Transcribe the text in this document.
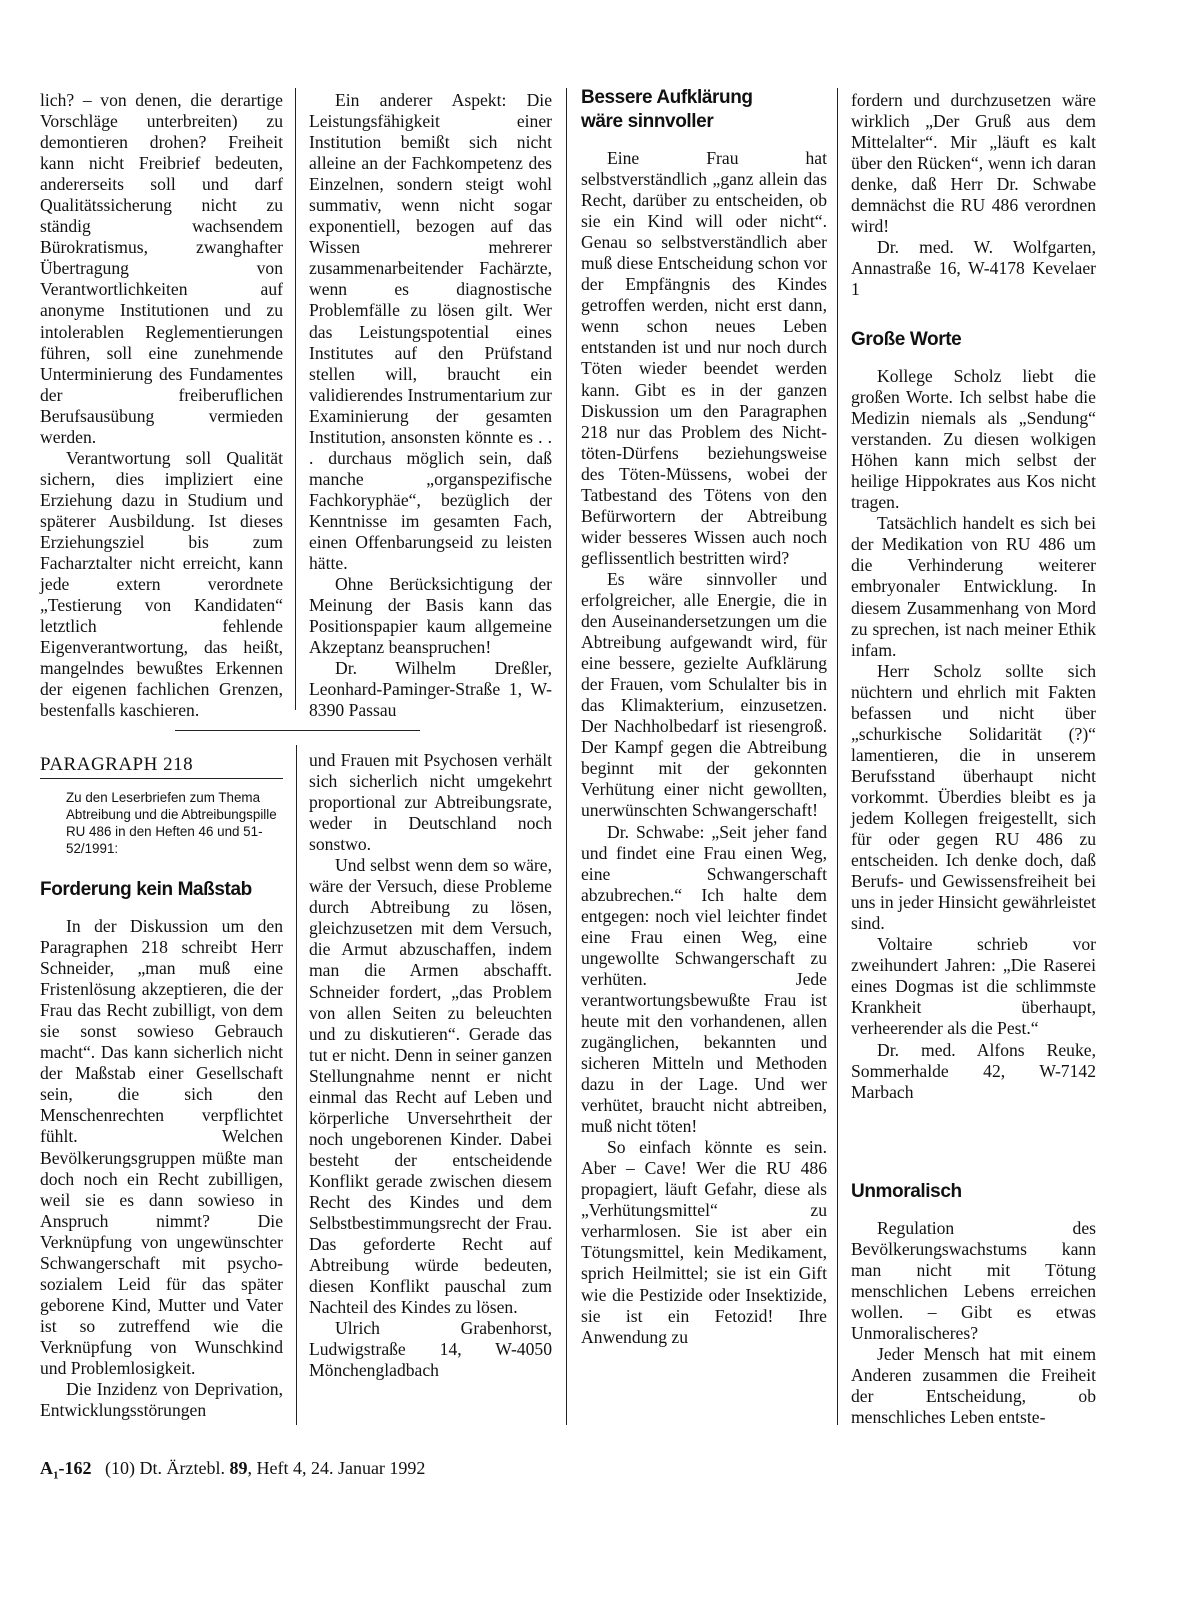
lich? – von denen, die derartige Vorschläge unterbreiten) zu demontieren drohen? Freiheit kann nicht Freibrief bedeuten, andererseits soll und darf Qualitätssicherung nicht zu ständig wachsendem Bürokratismus, zwanghafter Übertragung von Verantwortlichkeiten auf anonyme Institutionen und zu intolerablen Reglementierungen führen, soll eine zunehmende Unterminierung des Fundamentes der freiberuflichen Berufsausübung vermieden werden.

Verantwortung soll Qualität sichern, dies impliziert eine Erziehung dazu in Studium und späterer Ausbildung. Ist dieses Erziehungsziel bis zum Facharztalter nicht erreicht, kann jede extern verordnete „Testierung von Kandidaten“ letztlich fehlende Eigenverantwortung, das heißt, mangelndes bewußtes Erkennen der eigenen fachlichen Grenzen, bestenfalls kaschieren.

Ein anderer Aspekt: Die Leistungsfähigkeit einer Institution bemißt sich nicht alleine an der Fachkompetenz des Einzelnen, sondern steigt wohl summativ, wenn nicht sogar exponentiell, bezogen auf das Wissen mehrerer zusammenarbeitender Fachärzte, wenn es diagnostische Problemfälle zu lösen gilt. Wer das Leistungspotential eines Institutes auf den Prüfstand stellen will, braucht ein validierendes Instrumentarium zur Examinierung der gesamten Institution, ansonsten könnte es . . . durchaus möglich sein, daß manche „organspezifische Fachkoryphäe“, bezüglich der Kenntnisse im gesamten Fach, einen Offenbarungseid zu leisten hätte.

Ohne Berücksichtigung der Meinung der Basis kann das Positionspapier kaum allgemeine Akzeptanz beanspruchen!

Dr. Wilhelm Dreßler, Leonhard-Paminger-Straße 1, W-8390 Passau

PARAGRAPH 218
Zu den Leserbriefen zum Thema Abtreibung und die Abtreibungspille RU 486 in den Heften 46 und 51-52/1991:

Forderung kein Maßstab

In der Diskussion um den Paragraphen 218 schreibt Herr Schneider, „man muß eine Fristenlösung akzeptieren, die der Frau das Recht zubilligt, von dem sie sonst sowieso Gebrauch macht“. Das kann sicherlich nicht der Maßstab einer Gesellschaft sein, die sich den Menschenrechten verpflichtet fühlt. Welchen Bevölkerungsgruppen müßte man doch noch ein Recht zubilligen, weil sie es dann sowieso in Anspruch nimmt? Die Verknüpfung von ungewünschter Schwangerschaft mit psycho-sozialem Leid für das später geborene Kind, Mutter und Vater ist so zutreffend wie die Verknüpfung von Wunschkind und Problemlosigkeit.

Die Inzidenz von Deprivation, Entwicklungsstörungen

und Frauen mit Psychosen verhält sich sicherlich nicht umgekehrt proportional zur Abtreibungsrate, weder in Deutschland noch sonstwo.

Und selbst wenn dem so wäre, wäre der Versuch, diese Probleme durch Abtreibung zu lösen, gleichzusetzen mit dem Versuch, die Armut abzuschaffen, indem man die Armen abschafft. Schneider fordert, „das Problem von allen Seiten zu beleuchten und zu diskutieren“. Gerade das tut er nicht. Denn in seiner ganzen Stellungnahme nennt er nicht einmal das Recht auf Leben und körperliche Unversehrtheit der noch ungeborenen Kinder. Dabei besteht der entscheidende Konflikt gerade zwischen diesem Recht des Kindes und dem Selbstbestimmungsrecht der Frau. Das geforderte Recht auf Abtreibung würde bedeuten, diesen Konflikt pauschal zum Nachteil des Kindes zu lösen.

Ulrich Grabenhorst, Ludwigstraße 14, W-4050 Mönchengladbach

Bessere Aufklärung wäre sinnvoller

Eine Frau hat selbstverständlich „ganz allein das Recht, darüber zu entscheiden, ob sie ein Kind will oder nicht“. Genau so selbstverständlich aber muß diese Entscheidung schon vor der Empfängnis des Kindes getroffen werden, nicht erst dann, wenn schon neues Leben entstanden ist und nur noch durch Töten wieder beendet werden kann. Gibt es in der ganzen Diskussion um den Paragraphen 218 nur das Problem des Nicht-töten-Dürfens beziehungsweise des Töten-Müssens, wobei der Tatbestand des Tötens von den Befürwortern der Abtreibung wider besseres Wissen auch noch geflissentlich bestritten wird?

Es wäre sinnvoller und erfolgreicher, alle Energie, die in den Auseinandersetzungen um die Abtreibung aufgewandt wird, für eine bessere, gezielte Aufklärung der Frauen, vom Schulalter bis in das Klimakterium, einzusetzen. Der Nachholbedarf ist riesengroß. Der Kampf gegen die Abtreibung beginnt mit der gekonnten Verhütung einer nicht gewollten, unerwünschten Schwangerschaft!

Dr. Schwabe: „Seit jeher fand und findet eine Frau einen Weg, eine Schwangerschaft abzubrechen.“ Ich halte dem entgegen: noch viel leichter findet eine Frau einen Weg, eine ungewollte Schwangerschaft zu verhüten. Jede verantwortungsbewußte Frau ist heute mit den vorhandenen, allen zugänglichen, bekannten und sicheren Mitteln und Methoden dazu in der Lage. Und wer verhütet, braucht nicht abtreiben, muß nicht töten!

So einfach könnte es sein. Aber – Cave! Wer die RU 486 propagiert, läuft Gefahr, diese als „Verhütungsmittel“ zu verharmlosen. Sie ist aber ein Tötungsmittel, kein Medikament, sprich Heilmittel; sie ist ein Gift wie die Pestizide oder Insektizide, sie ist ein Fetozid! Ihre Anwendung zu

fordern und durchzusetzen wäre wirklich „Der Gruß aus dem Mittelalter“. Mir „läuft es kalt über den Rücken“, wenn ich daran denke, daß Herr Dr. Schwabe demnächst die RU 486 verordnen wird!

Dr. med. W. Wolfgarten, Annastraße 16, W-4178 Kevelaer 1

Große Worte

Kollege Scholz liebt die großen Worte. Ich selbst habe die Medizin niemals als „Sendung“ verstanden. Zu diesen wolkigen Höhen kann mich selbst der heilige Hippokrates aus Kos nicht tragen.

Tatsächlich handelt es sich bei der Medikation von RU 486 um die Verhinderung weiterer embryonaler Entwicklung. In diesem Zusammenhang von Mord zu sprechen, ist nach meiner Ethik infam.

Herr Scholz sollte sich nüchtern und ehrlich mit Fakten befassen und nicht über „schurkische Solidarität (?)“ lamentieren, die in unserem Berufsstand überhaupt nicht vorkommt. Überdies bleibt es ja jedem Kollegen freigestellt, sich für oder gegen RU 486 zu entscheiden. Ich denke doch, daß Berufs- und Gewissensfreiheit bei uns in jeder Hinsicht gewährleistet sind.

Voltaire schrieb vor zweihundert Jahren: „Die Raserei eines Dogmas ist die schlimmste Krankheit überhaupt, verheerender als die Pest.“

Dr. med. Alfons Reuke, Sommerhalde 42, W-7142 Marbach

Unmoralisch

Regulation des Bevölkerungswachstums kann man nicht mit Tötung menschlichen Lebens erreichen wollen. – Gibt es etwas Unmoralischeres?

Jeder Mensch hat mit einem Anderen zusammen die Freiheit der Entscheidung, ob menschliches Leben entste-

$A_1-162$ (10) Dt. Ärztebl. 89, Heft 4, 24. Januar 1992
